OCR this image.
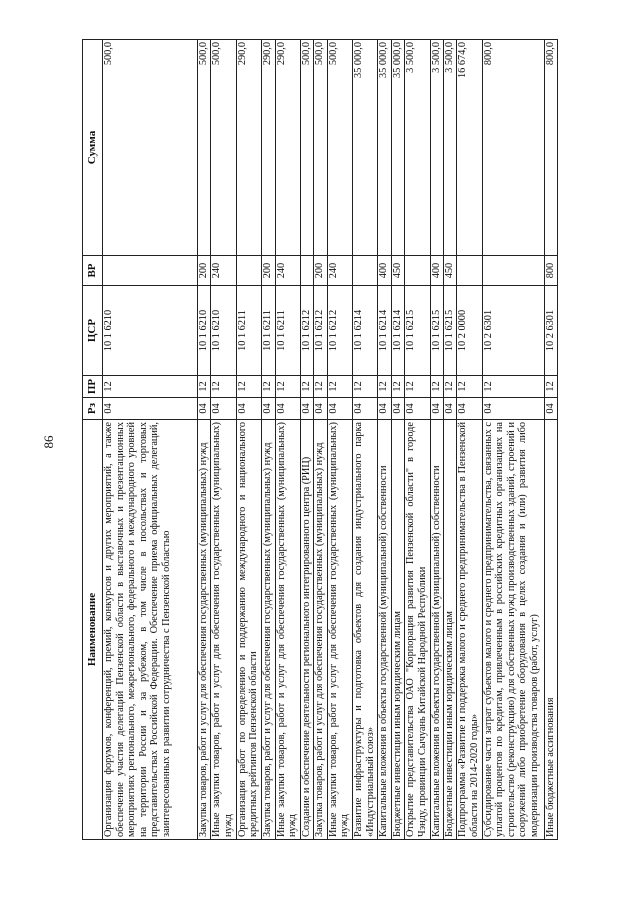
86
Наименование	Рз	ПР	ЦСР	ВР	Сумма
Организация форумов, конференций, премий, конкурсов и других мероприятий, а также обеспечение участия делегаций Пензенской области в выставочных и презентационных мероприятиях регионального, межрегионального, федерального и международного уровней на территории России и за рубежом, в том числе в посольствах и торговых представительствах Российской Федерации. Обеспечение приема официальных делегаций, заинтересованных в развитии сотрудничества с Пензенской областью	04	12	10 1 6210		500,0
Закупка товаров, работ и услуг для обеспечения государственных (муниципальных) нужд	04	12	10 1 6210	200	500,0
Иные закупки товаров, работ и услуг для обеспечения государственных (муниципальных) нужд	04	12	10 1 6210	240	500,0
Организация работ по определению и поддержанию международного и национального кредитных рейтингов Пензенской области	04	12	10 1 6211		290,0
Закупка товаров, работ и услуг для обеспечения государственных (муниципальных) нужд	04	12	10 1 6211	200	290,0
Иные закупки товаров, работ и услуг для обеспечения государственных (муниципальных) нужд	04	12	10 1 6211	240	290,0
Создание и обеспечение деятельности регионального интегрированного центра (РИЦ)	04	12	10 1 6212		500,0
Закупка товаров, работ и услуг для обеспечения государственных (муниципальных) нужд	04	12	10 1 6212	200	500,0
Иные закупки товаров, работ и услуг для обеспечения государственных (муниципальных) нужд	04	12	10 1 6212	240	500,0
Развитие инфраструктуры и подготовка объектов для создания индустриального парка «Индустриальный союз»	04	12	10 1 6214		35 000,0
Капитальные вложения в объекты государственной (муниципальной) собственности	04	12	10 1 6214	400	35 000,0
Бюджетные инвестиции иным юридическим лицам	04	12	10 1 6214	450	35 000,0
Открытие представительства ОАО "Корпорация развития Пензенской области" в городе Чэнду, провинции Сычуань Китайской Народной Республики	04	12	10 1 6215		3 500,0
Капитальные вложения в объекты государственной (муниципальной) собственности	04	12	10 1 6215	400	3 500,0
Бюджетные инвестиции иным юридическим лицам	04	12	10 1 6215	450	3 500,0
Подпрограмма «Развитие и поддержка малого и среднего предпринимательства в Пензенской области на 2014-2020 годы»	04	12	10 2 0000		16 674,0
Субсидирование части затрат субъектов малого и среднего предпринимательства, связанных с уплатой процентов по кредитам, привлеченным в российских кредитных организациях на строительство (реконструкцию) для собственных нужд производственных зданий, строений и сооружений либо приобретение оборудования в целях создания и (или) развития либо модернизации производства товаров (работ, услуг)	04	12	10 2 6301		800,0
Иные бюджетные ассигнования	04	12	10 2 6301	800	800,0
